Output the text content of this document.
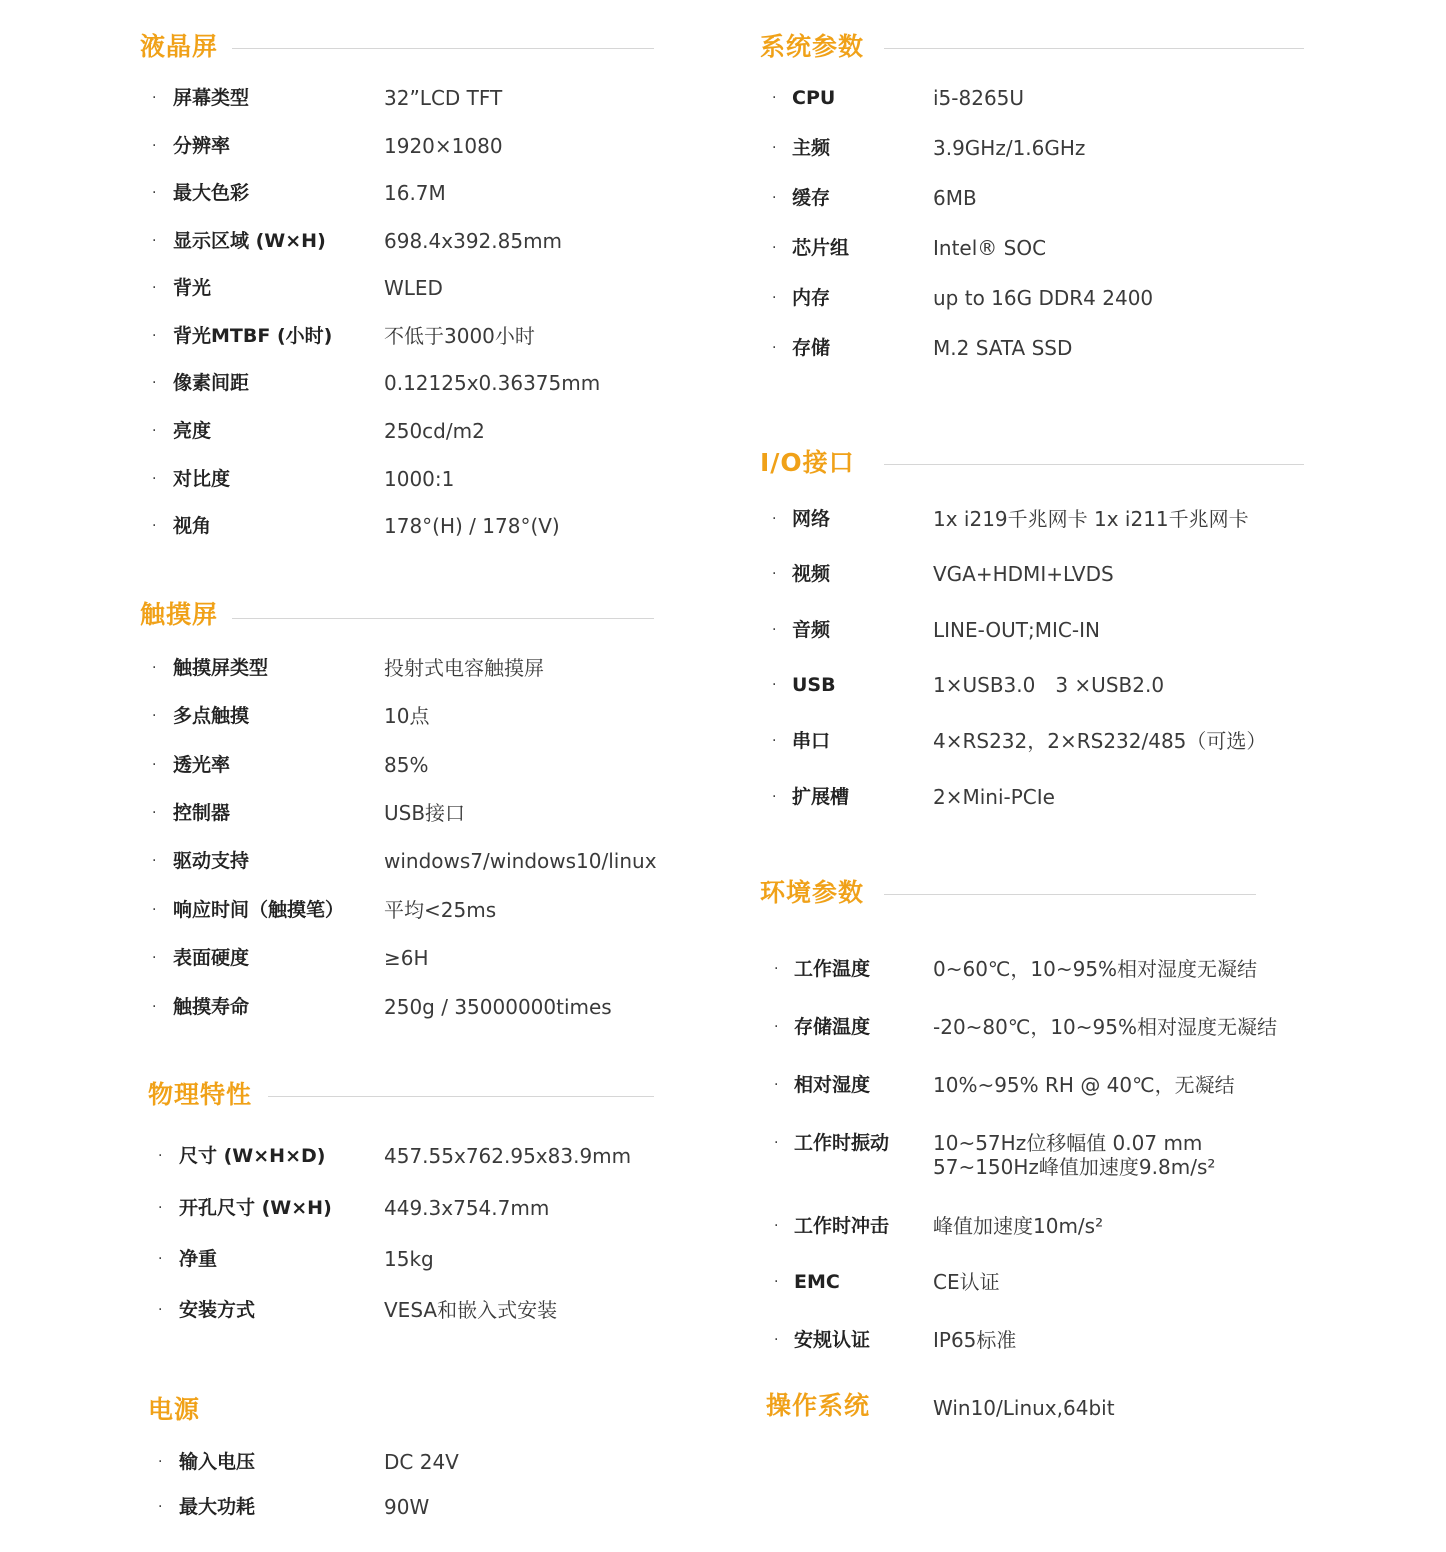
液晶屏
· 屏幕类型	32”LCD TFT
· 分辨率	1920×1080
· 最大色彩	16.7M
· 显示区域 (W×H)	698.4x392.85mm
· 背光	WLED
· 背光MTBF (小时)	不低于3000小时
· 像素间距	0.12125x0.36375mm
· 亮度	250cd/m2
· 对比度	1000:1
· 视角	178°(H) / 178°(V)
触摸屏
· 触摸屏类型	投射式电容触摸屏
· 多点触摸	10点
· 透光率	85%
· 控制器	USB接口
· 驱动支持	windows7/windows10/linux
· 响应时间（触摸笔） 平均<25ms
· 表面硬度	≥6H
· 触摸寿命	250g / 35000000times
物理特性
· 尺寸 (W×H×D)	457.55x762.95x83.9mm
· 开孔尺寸 (W×H)	449.3x754.7mm
· 净重	15kg
· 安装方式	VESA和嵌入式安装
电源
· 输入电压	DC 24V
· 最大功耗	90W
系统参数
· CPU	i5-8265U
· 主频	3.9GHz/1.6GHz
· 缓存	6MB
· 芯片组	Intel® SOC
· 内存	up to 16G DDR4 2400
· 存储	M.2 SATA SSD
I/O接口
· 网络	1x i219千兆网卡 1x i211千兆网卡
· 视频	VGA+HDMI+LVDS
· 音频	LINE-OUT;MIC-IN
· USB	1×USB3.0　3 ×USB2.0
· 串口	4×RS232，2×RS232/485（可选）
· 扩展槽	2×Mini-PCIe
环境参数
· 工作温度	0~60℃，10~95%相对湿度无凝结
· 存储温度	-20~80℃，10~95%相对湿度无凝结
· 相对湿度	10%~95% RH @ 40℃，无凝结
· 工作时振动 10~57Hz位移幅值 0.07 mm
57~150Hz峰值加速度9.8m/s²
· 工作时冲击 峰值加速度10m/s²
· EMC	CE认证
· 安规认证	IP65标准
操作系统	Win10/Linux,64bit
